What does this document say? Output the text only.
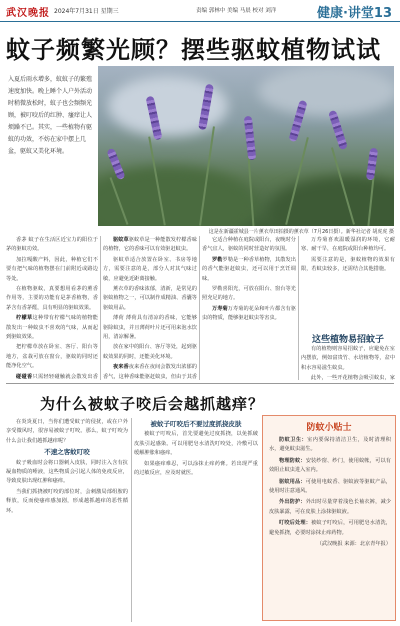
武汉晚报 2024年7月31日 星期三	责编 郭林中 美编 马晨 校对 刘洋	健康·讲堂13
蚊子频繁光顾？摆些驱蚊植物试试
入夏后雨水增多，蚊蚊子的繁殖速度加快。晚上睡个人户外活动时稍微放松时，蚊子也会频频光顾，被叮咬后的红肿、瘙痒让人烦躁不已。其实，一些植物有驱蚊的功效，不妨在家中摆上几盆，驱蚊又美化环境。
这是在新疆霍城县一片薰衣草田拍摄的薰衣草（7月26日摄）。新华社记者 胡虎虎 摄

香茅 蚊子在生活区近宝力的阳位于茅的驱蚊功效。

加拉嘎酸产料，因此，种植它们不要有把气味的植物摆在门前附近或路边等处。

在植物驱蚊，真要想用看茅的薰香作用等，主要的功能有是茅香植物，香茅含有香茅醛，具有明显的驱蚊效果。

柠檬草这种带有柠檬气味的植物能散发出一种蚊虫不喜欢的气味，从而起到驱蚊效果。

把柠檬草放在卧室、客厅、阳台等地方，盆栽可放在窗台，驱蚊的同时还能净化空气。

碰碰香只需轻轻碰触就会散发出香

驱蚊草驱蚊草是一种能散发柠檬香味的植物，它的香味可以有效驱赶蚊虫。

驱蚊草适合放置在卧室、书房等地方，需要注意的是，部分人对其气味过敏，应避免近距离接触。

薰衣草的香味浓郁，清新，是常见的驱蚊植物之一，可以制作成精油、香囊等驱蚊用品。

薄荷 薄荷具有清凉的香味，它能够驱除蚊虫，并且薄荷叶片还可用来泡水饮用，清凉解暑。

放在家中的阳台、客厅等处，起到驱蚊效果的同时，还能美化环境。

夜来香夜来香在夜间会散发出浓郁的香气，这种香味能驱赶蚊虫，但由于其香

它适合种植在庭院或阳台，夜晚时分香气宜人，驱蚊的同时营造好的氛围。

罗勒罗勒是一种香草植物，其散发出的香气能驱赶蚊虫，还可以用于烹饪调味。

罗勒喜阳光，可放在阳台、窗台等光照充足的地方。

万寿菊万寿菊的花朵和叶片都含有驱虫的物质，能够驱赶蚊虫等害虫。

万寿菊喜欢温暖湿润的环境，它耐寒、耐干旱，在庭院或阳台种植均可。

需要注意的是，驱蚊植物的效果有限，若蚊虫较多，还需结合其他措施。

这些植物易招蚊子

有的植物则容易招蚊子，应避免在室内摆放，例如富贵竹、水培植物等，盆中积水容易滋生蚊虫。

此外，一些开花植物会吸引蚊虫，家

为什么被蚊子咬后会越抓越痒？

在炎炎夏日，当你们遭受蚊子的侵扰，或在户外享受微风时，很容易被蚊子叮咬。那么，蚊子叮咬为什么会让我们越抓越痒呢？

不速之客蚊叮咬

蚊子吸血时会将口器刺入皮肤，同时注入含有抗凝血物质的唾液，这些物质会引起人体的免疫反应，导致皮肤出现红肿和瘙痒。

当我们抓挠被叮咬的部位时，会刺激局部组胺的释放，反而使瘙痒感加剧，形成越抓越痒的恶性循环。

被蚊子叮咬后不要过度抓挠皮肤

被蚊子叮咬后，首先要避免过度抓挠，以免抓破皮肤引起感染。可以用肥皂水清洗叮咬处，冷敷可以缓解肿胀和瘙痒。

如果瘙痒难忍，可以涂抹止痒药膏。若出现严重的过敏反应，应及时就医。

防蚊小贴士

防蚊卫生：室内要保持清洁卫生，及时清理积水，避免蚊虫滋生。

物理防蚊：安装纱窗、纱门，使用蚊帐，可以有效阻止蚊虫进入室内。

驱蚊用品：可使用电蚊香、驱蚊液等驱蚊产品，使用时注意通风。

外出防护：外出时尽量穿着浅色长袖衣裤，减少皮肤暴露，可在皮肤上涂抹驱蚊液。

叮咬后处理：被蚊子叮咬后，可用肥皂水清洗，避免抓挠，必要时涂抹止痒药物。

（武汉晚报 来源：北京青年报）
